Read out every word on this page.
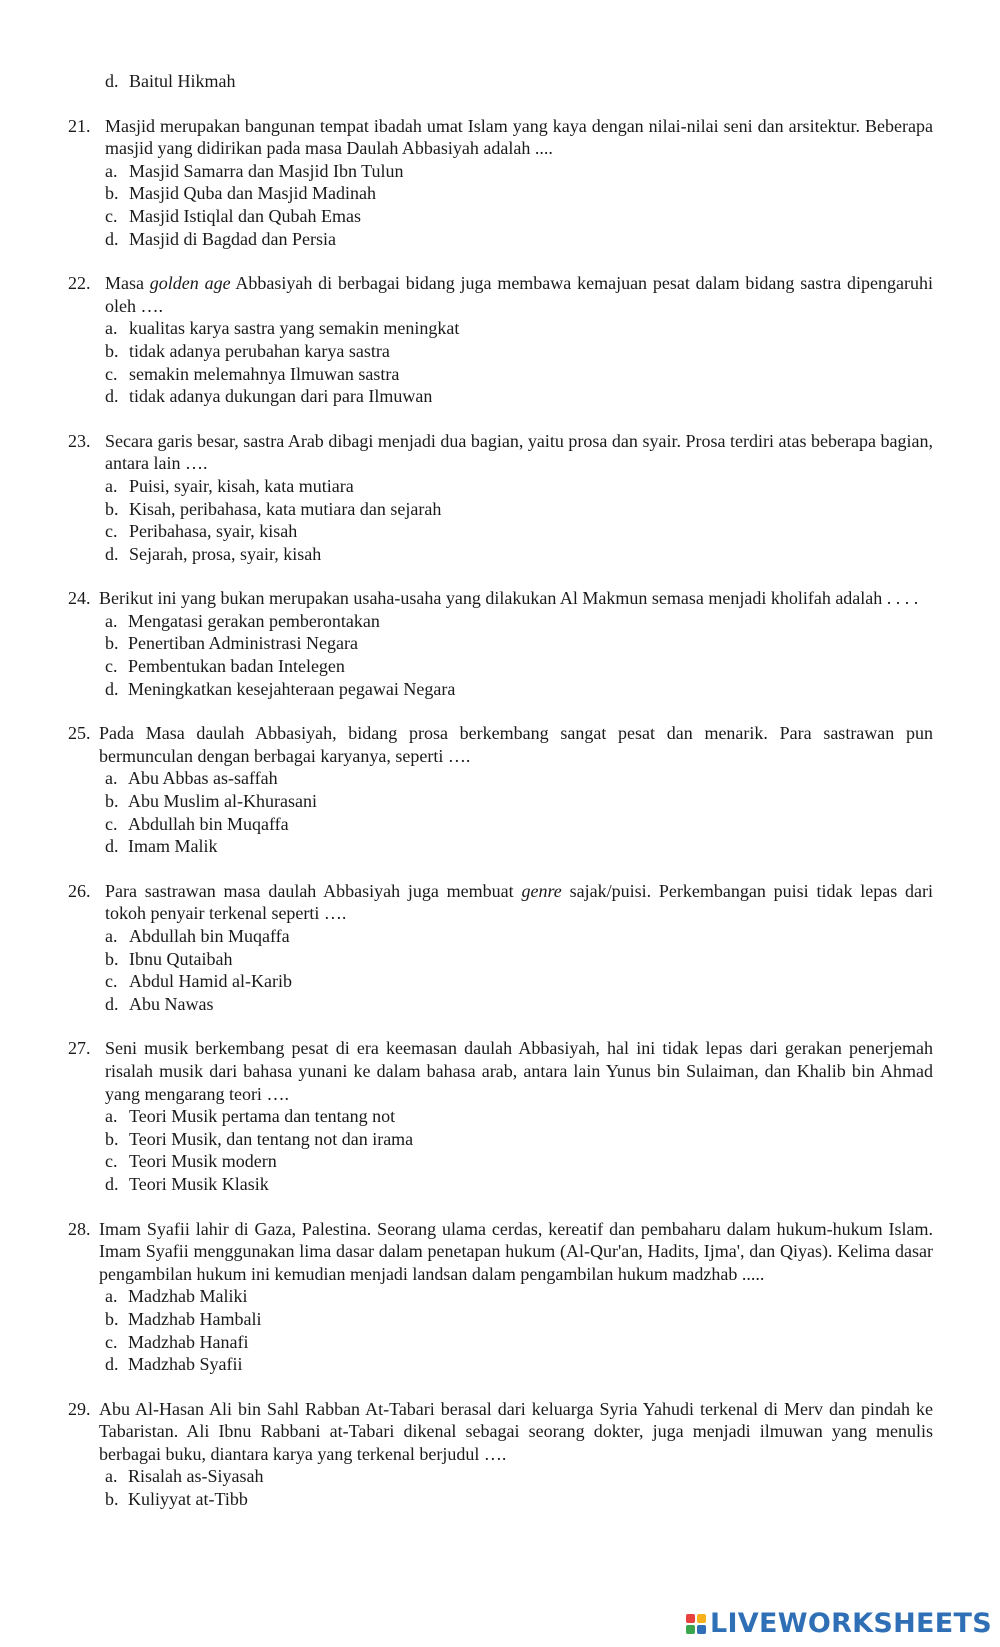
d. Baitul Hikmah
21. Masjid merupakan bangunan tempat ibadah umat Islam yang kaya dengan nilai-nilai seni dan arsitektur. Beberapa masjid yang didirikan pada masa Daulah Abbasiyah adalah ....
a. Masjid Samarra dan Masjid Ibn Tulun
b. Masjid Quba dan Masjid Madinah
c. Masjid Istiqlal dan Qubah Emas
d. Masjid di Bagdad dan Persia
22. Masa golden age Abbasiyah di berbagai bidang juga membawa kemajuan pesat dalam bidang sastra dipengaruhi oleh ….
a. kualitas karya sastra yang semakin meningkat
b. tidak adanya perubahan karya sastra
c. semakin melemahnya Ilmuwan sastra
d. tidak adanya dukungan dari para Ilmuwan
23. Secara garis besar, sastra Arab dibagi menjadi dua bagian, yaitu prosa dan syair. Prosa terdiri atas beberapa bagian, antara lain ….
a. Puisi, syair, kisah, kata mutiara
b. Kisah, peribahasa, kata mutiara dan sejarah
c. Peribahasa, syair, kisah
d. Sejarah, prosa, syair, kisah
24. Berikut ini yang bukan merupakan usaha-usaha yang dilakukan Al Makmun semasa menjadi kholifah adalah . . . .
a. Mengatasi gerakan pemberontakan
b. Penertiban Administrasi Negara
c. Pembentukan badan Intelegen
d. Meningkatkan kesejahteraan pegawai Negara
25. Pada Masa daulah Abbasiyah, bidang prosa berkembang sangat pesat dan menarik. Para sastrawan pun bermunculan dengan berbagai karyanya, seperti ….
a. Abu Abbas as-saffah
b. Abu Muslim al-Khurasani
c. Abdullah bin Muqaffa
d. Imam Malik
26. Para sastrawan masa daulah Abbasiyah juga membuat genre sajak/puisi. Perkembangan puisi tidak lepas dari tokoh penyair terkenal seperti ….
a. Abdullah bin Muqaffa
b. Ibnu Qutaibah
c. Abdul Hamid al-Karib
d. Abu Nawas
27. Seni musik berkembang pesat di era keemasan daulah Abbasiyah, hal ini tidak lepas dari gerakan penerjemah risalah musik dari bahasa yunani ke dalam bahasa arab, antara lain Yunus bin Sulaiman, dan Khalib bin Ahmad yang mengarang teori ….
a. Teori Musik pertama dan tentang not
b. Teori Musik, dan tentang not dan irama
c. Teori Musik modern
d. Teori Musik Klasik
28. Imam Syafii lahir di Gaza, Palestina. Seorang ulama cerdas, kereatif dan pembaharu dalam hukum-hukum Islam. Imam Syafii menggunakan lima dasar dalam penetapan hukum (Al-Qur'an, Hadits, Ijma', dan Qiyas). Kelima dasar pengambilan hukum ini kemudian menjadi landsan dalam pengambilan hukum madzhab .....
a. Madzhab Maliki
b. Madzhab Hambali
c. Madzhab Hanafi
d. Madzhab Syafii
29. Abu Al-Hasan Ali bin Sahl Rabban At-Tabari berasal dari keluarga Syria Yahudi terkenal di Merv dan pindah ke Tabaristan. Ali Ibnu Rabbani at-Tabari dikenal sebagai seorang dokter, juga menjadi ilmuwan yang menulis berbagai buku, diantara karya yang terkenal berjudul ….
a. Risalah as-Siyasah
b. Kuliyyat at-Tibb
LIVE WORKSHEETS
